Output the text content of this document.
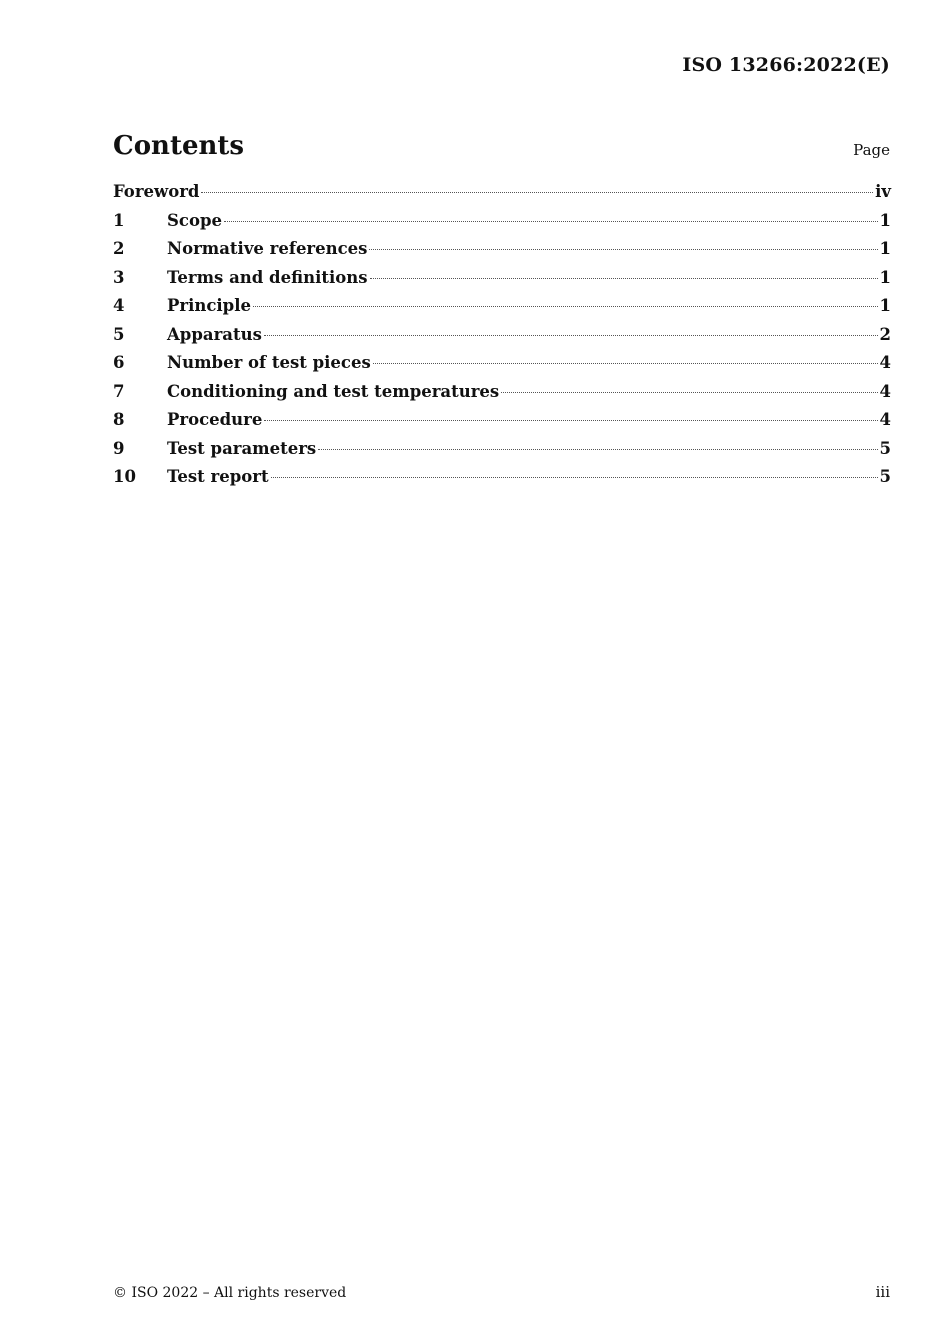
ISO 13266:2022(E)
Contents	Page
Foreword	iv
1	Scope	1
2	Normative references	1
3	Terms and definitions	1
4	Principle	1
5	Apparatus	2
6	Number of test pieces	4
7	Conditioning and test temperatures	4
8	Procedure	4
9	Test parameters	5
10	Test report	5
© ISO 2022 – All rights reserved	iii
